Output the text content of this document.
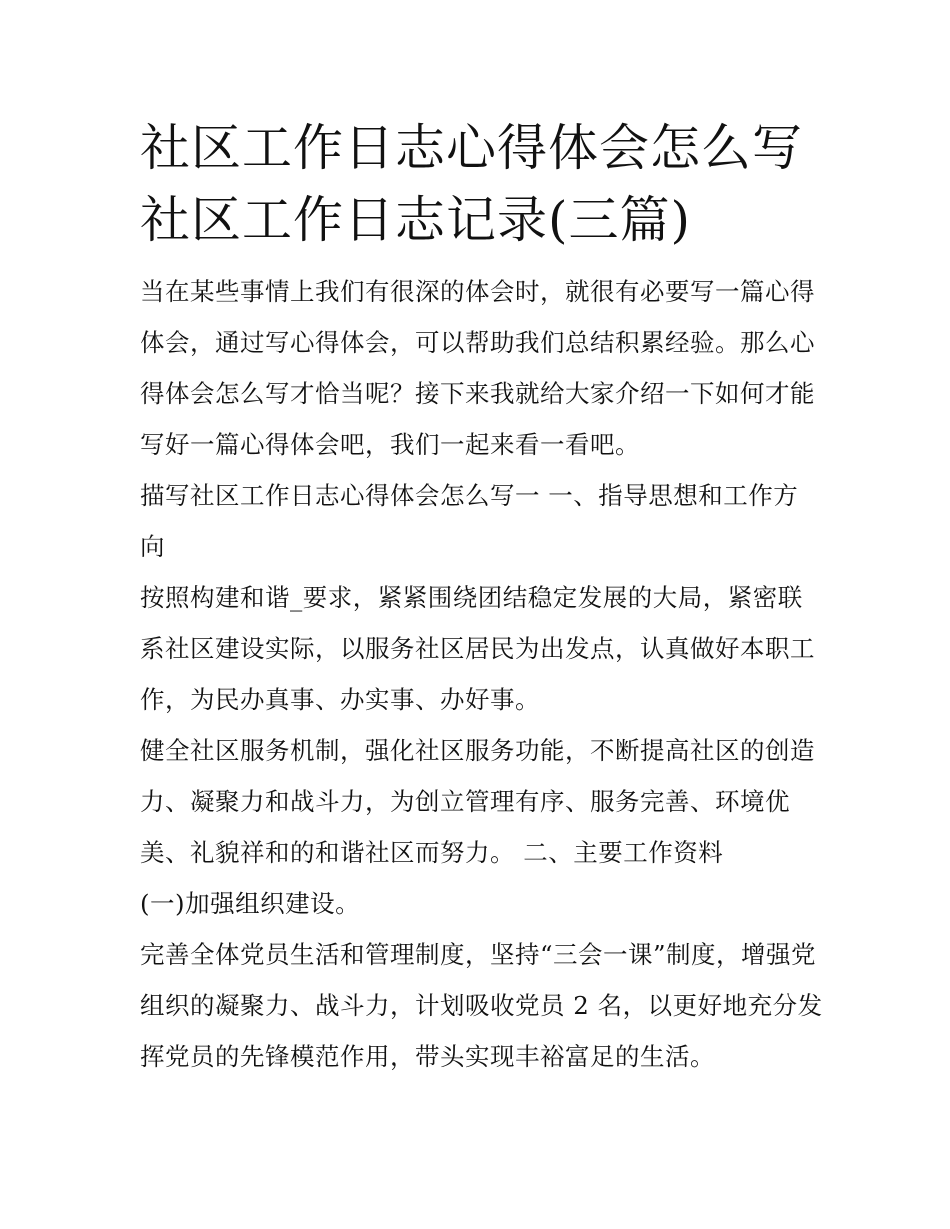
社区工作日志心得体会怎么写
社区工作日志记录(三篇)

当在某些事情上我们有很深的体会时，就很有必要写一篇心得
体会，通过写心得体会，可以帮助我们总结积累经验。那么心
得体会怎么写才恰当呢？接下来我就给大家介绍一下如何才能
写好一篇心得体会吧，我们一起来看一看吧。

描写社区工作日志心得体会怎么写一 一、指导思想和工作方
向

按照构建和谐_要求，紧紧围绕团结稳定发展的大局，紧密联
系社区建设实际，以服务社区居民为出发点，认真做好本职工
作，为民办真事、办实事、办好事。

健全社区服务机制，强化社区服务功能，不断提高社区的创造
力、凝聚力和战斗力，为创立管理有序、服务完善、环境优
美、礼貌祥和的和谐社区而努力。 二、主要工作资料

(一)加强组织建设。

完善全体党员生活和管理制度，坚持“三会一课”制度，增强党
组织的凝聚力、战斗力，计划吸收党员 2 名，以更好地充分发
挥党员的先锋模范作用，带头实现丰裕富足的生活。
